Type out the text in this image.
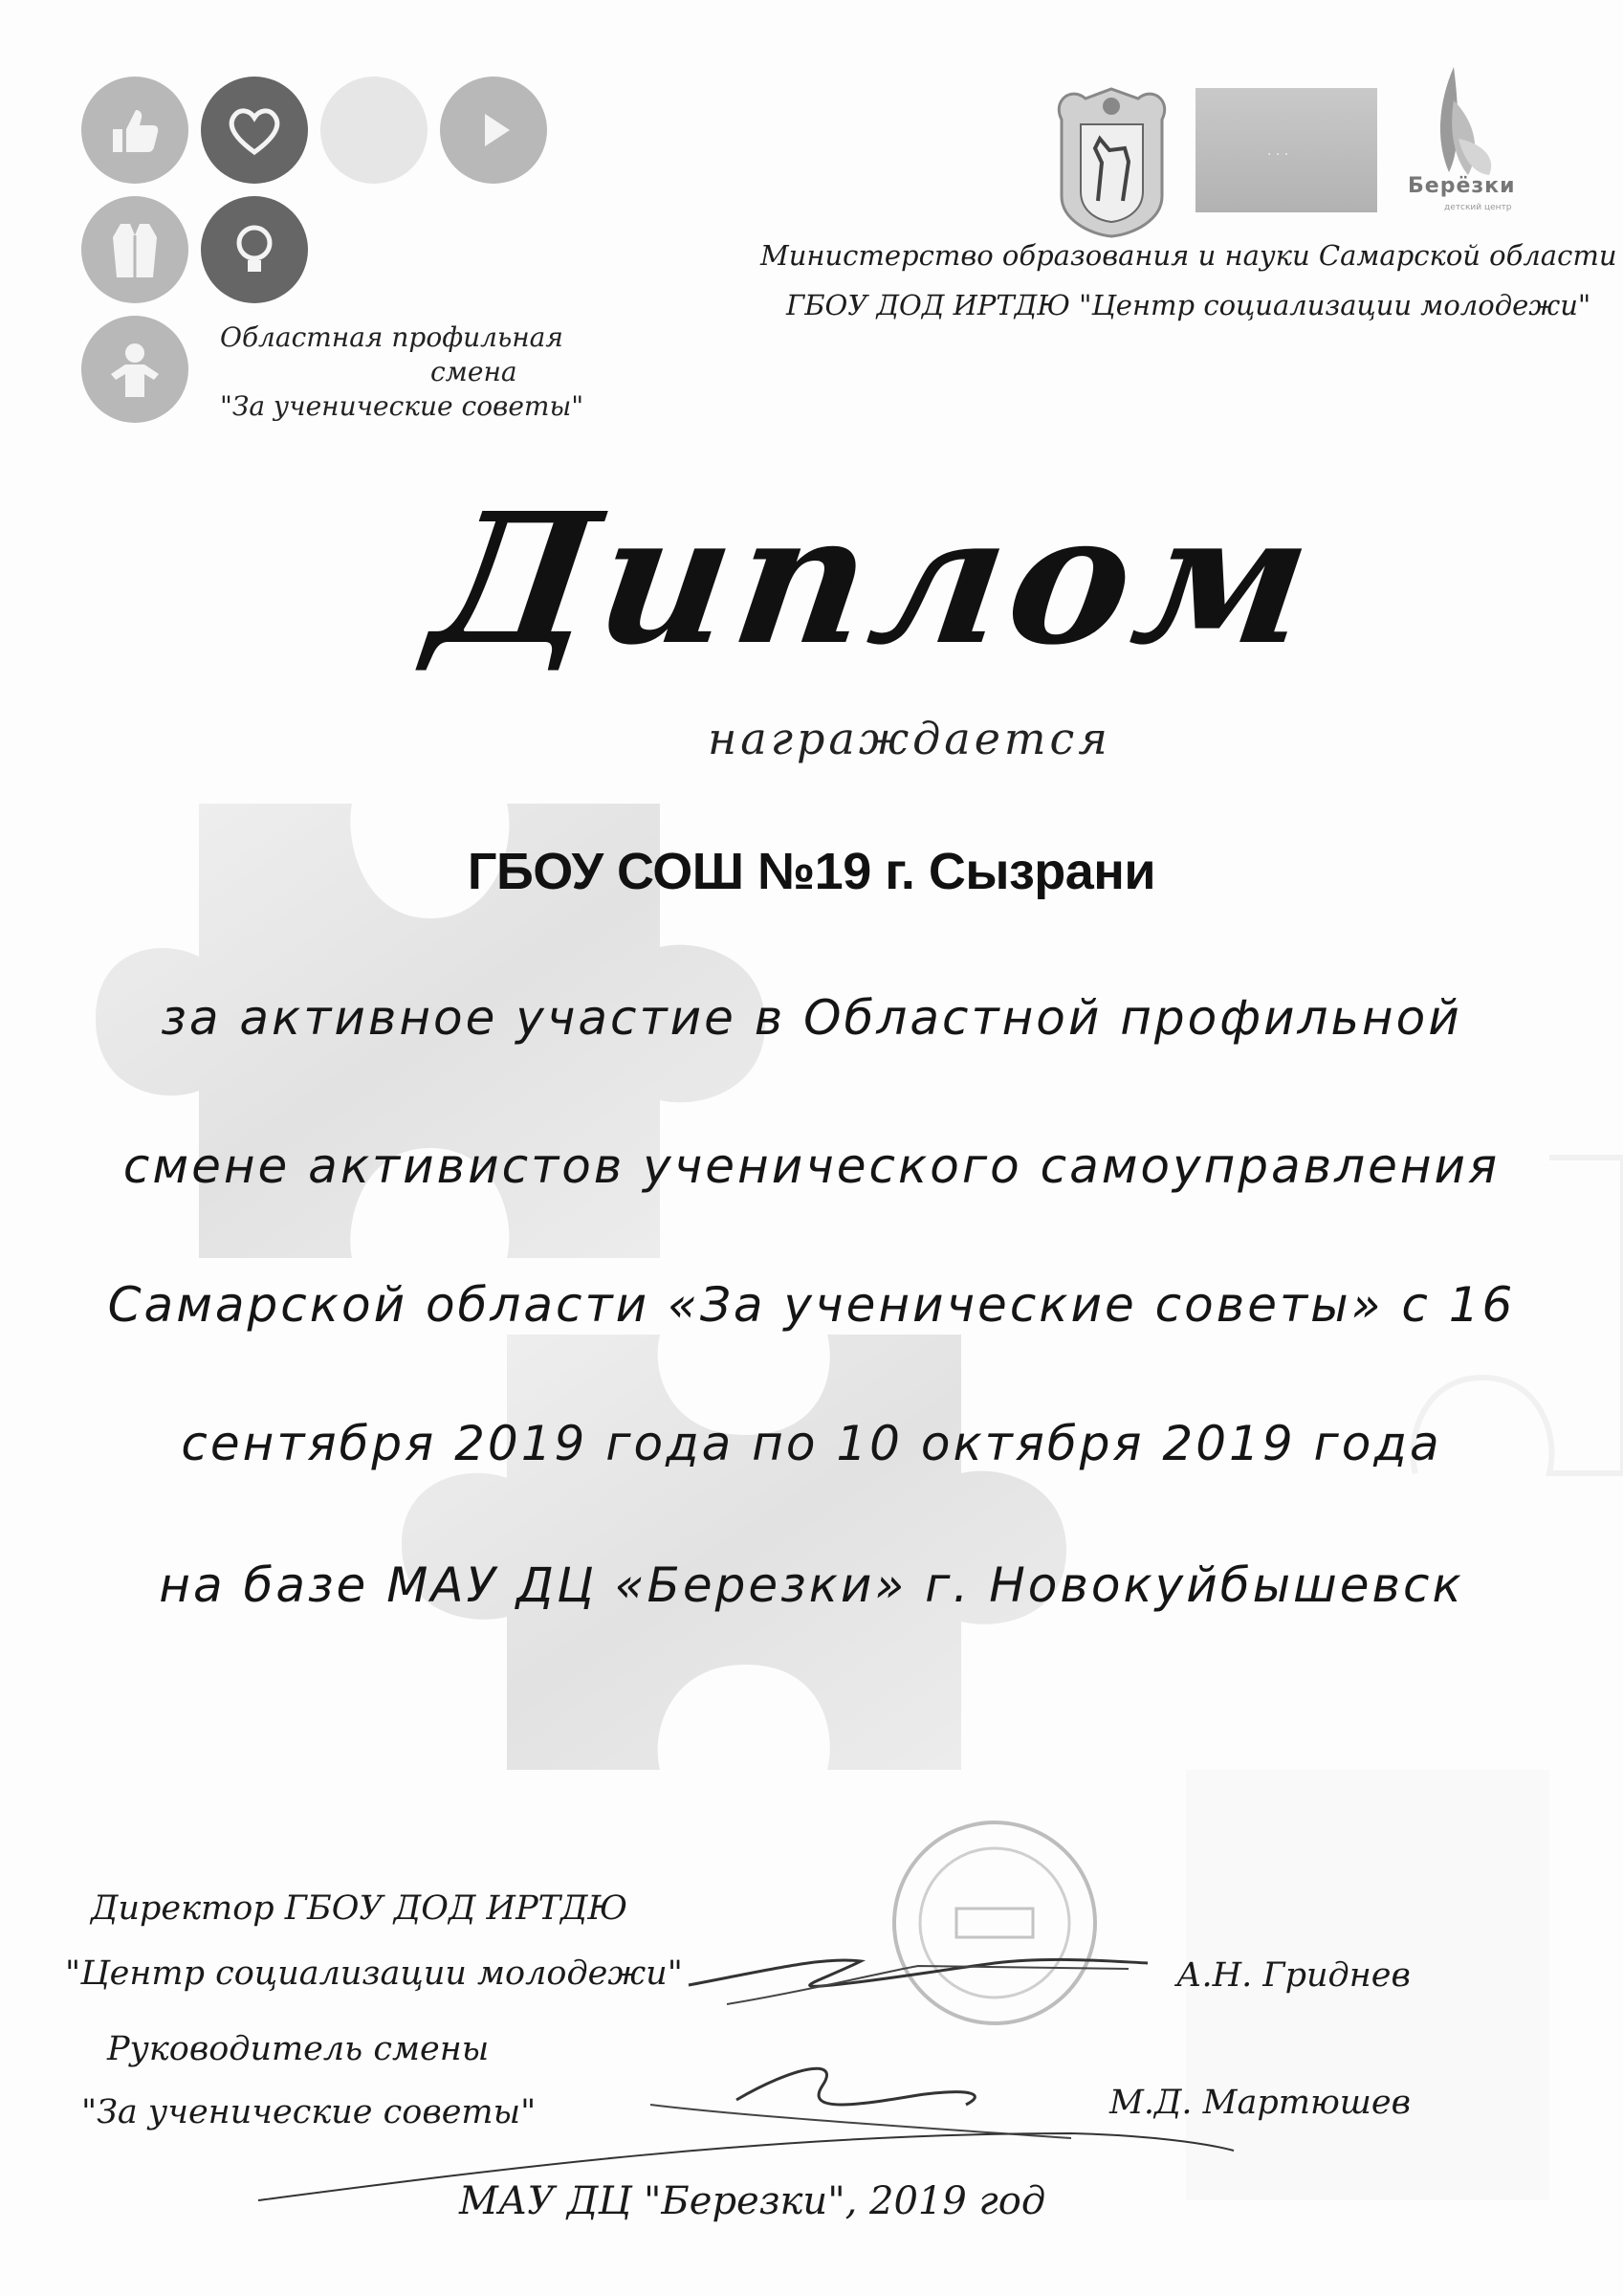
Областная профильная
смена
"За ученические советы"
· · ·
Берёзки
детский центр
Министерство образования и науки Самарской области
ГБОУ ДОД ИРТДЮ "Центр социализации молодежи"
Диплом
награждается
ГБОУ СОШ №19 г. Сызрани
за активное участие в Областной профильной
смене активистов ученического самоуправления
Самарской области «За ученические советы» с 16
сентября 2019 года по 10 октября 2019 года
на базе МАУ ДЦ «Березки» г. Новокуйбышевск
Директор ГБОУ ДОД ИРТДЮ
"Центр социализации молодежи"	А.Н. Гриднев
Руководитель смены
"За ученические советы"	М.Д. Мартюшев
МАУ ДЦ "Березки", 2019 год
